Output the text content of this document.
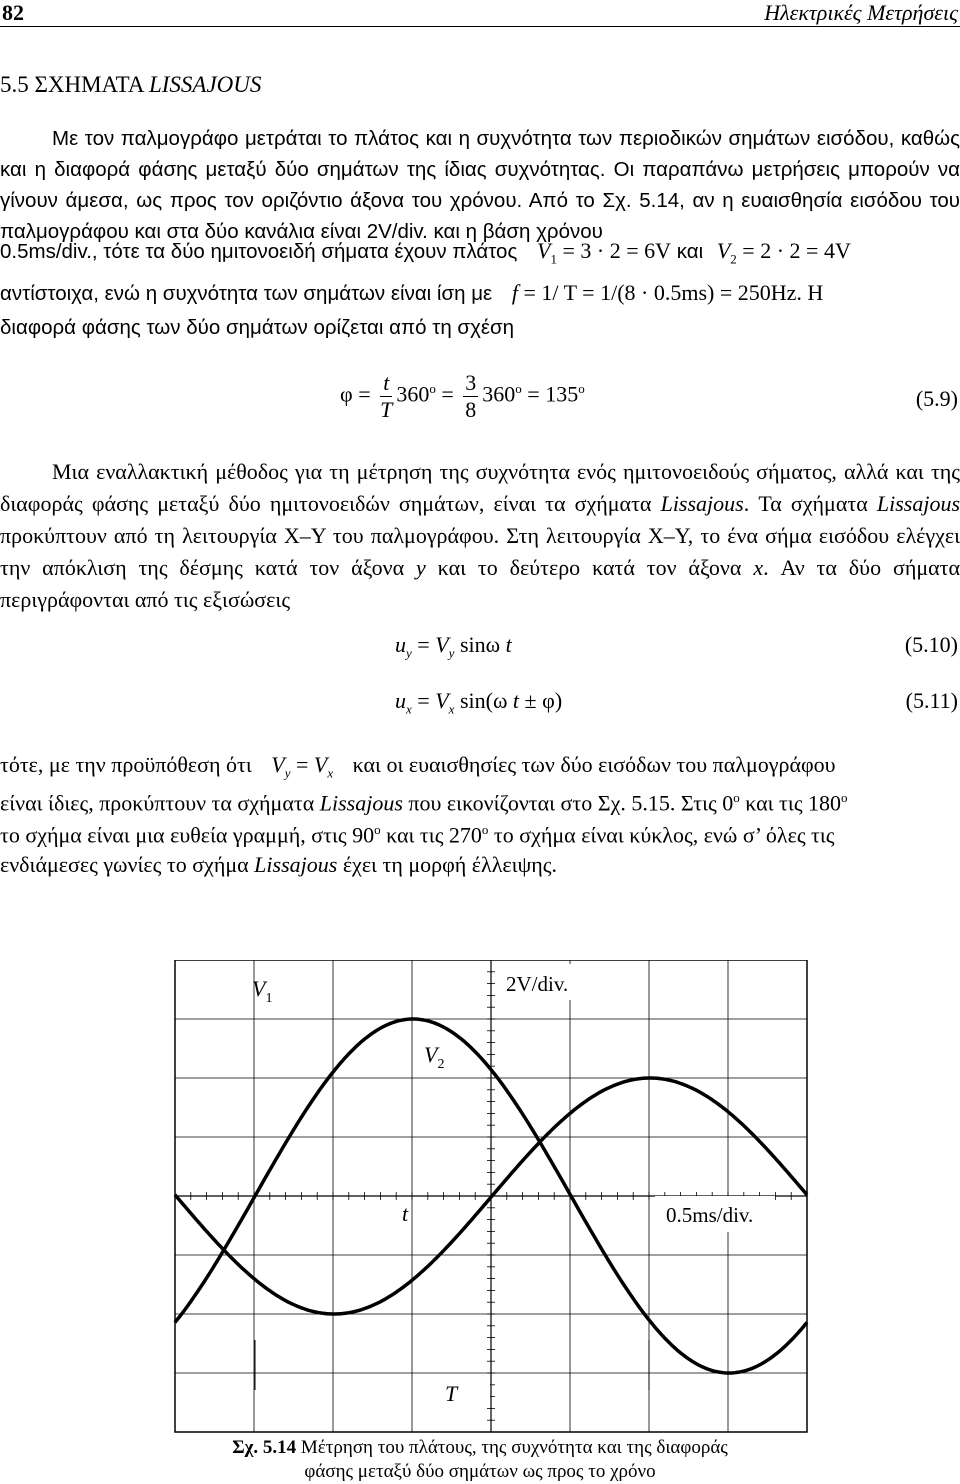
82	Ηλεκτρικές Μετρήσεις
5.5 ΣΧΗΜΑΤΑ LISSAJOUS
Με τον παλμογράφο μετράται το πλάτος και η συχνότητα των περιοδικών σημάτων εισόδου, καθώς και η διαφορά φάσης μεταξύ δύο σημάτων της ίδιας συχνότητας. Οι παραπάνω μετρήσεις μπορούν να γίνουν άμεσα, ως προς τον οριζόντιο άξονα του χρόνου. Από το Σχ. 5.14, αν η ευαισθησία εισόδου του παλμογράφου και στα δύο κανάλια είναι 2V/div. και η βάση χρόνου
0.5ms/div., τότε τα δύο ημιτονοειδή σήματα έχουν πλάτος $V_1 = 3 \cdot 2 = 6V$ και $V_2 = 2 \cdot 2 = 4V$
αντίστοιχα, ενώ η συχνότητα των σημάτων είναι ίση με f = 1/ T = 1/(8 · 0.5ms) = 250Hz. Η
διαφορά φάσης των δύο σημάτων ορίζεται από τη σχέση
$\varphi = \frac{t}{T} 360^o = \frac{3}{8} 360^o = 135^o$	(5.9)
Μια εναλλακτική μέθοδος για τη μέτρηση της συχνότητα ενός ημιτονοειδούς σήματος, αλλά και της διαφοράς φάσης μεταξύ δύο ημιτονοειδών σημάτων, είναι τα σχήματα Lissajous. Τα σχήματα Lissajous προκύπτουν από τη λειτουργία X–Y του παλμογράφου. Στη λειτουργία X–Y, το ένα σήμα εισόδου ελέγχει την απόκλιση της δέσμης κατά τον άξονα y και το δεύτερο κατά τον άξονα x. Αν τα δύο σήματα περιγράφονται από τις εξισώσεις
$u_y = V_y$ sinω t	(5.10)
$u_x = V_x$ sin(ω t ± φ)	(5.11)
τότε, με την προϋπόθεση ότι $V_y = V_x$ και οι ευαισθησίες των δύο εισόδων του παλμογράφου
είναι ίδιες, προκύπτουν τα σχήματα Lissajous που εικονίζονται στο Σχ. 5.15. Στις $0^o$ και τις $180^o$
το σχήμα είναι μια ευθεία γραμμή, στις $90^o$ και τις $270^o$ το σχήμα είναι κύκλος, ενώ σ’ όλες τις
ενδιάμεσες γωνίες το σχήμα Lissajous έχει τη μορφή έλλειψης.
$V_1$
2V/div.
$V_2$
t	0.5ms/div.
T
Σχ. 5.14 Μέτρηση του πλάτους, της συχνότητα και της διαφοράς
φάσης μεταξύ δύο σημάτων ως προς το χρόνο
